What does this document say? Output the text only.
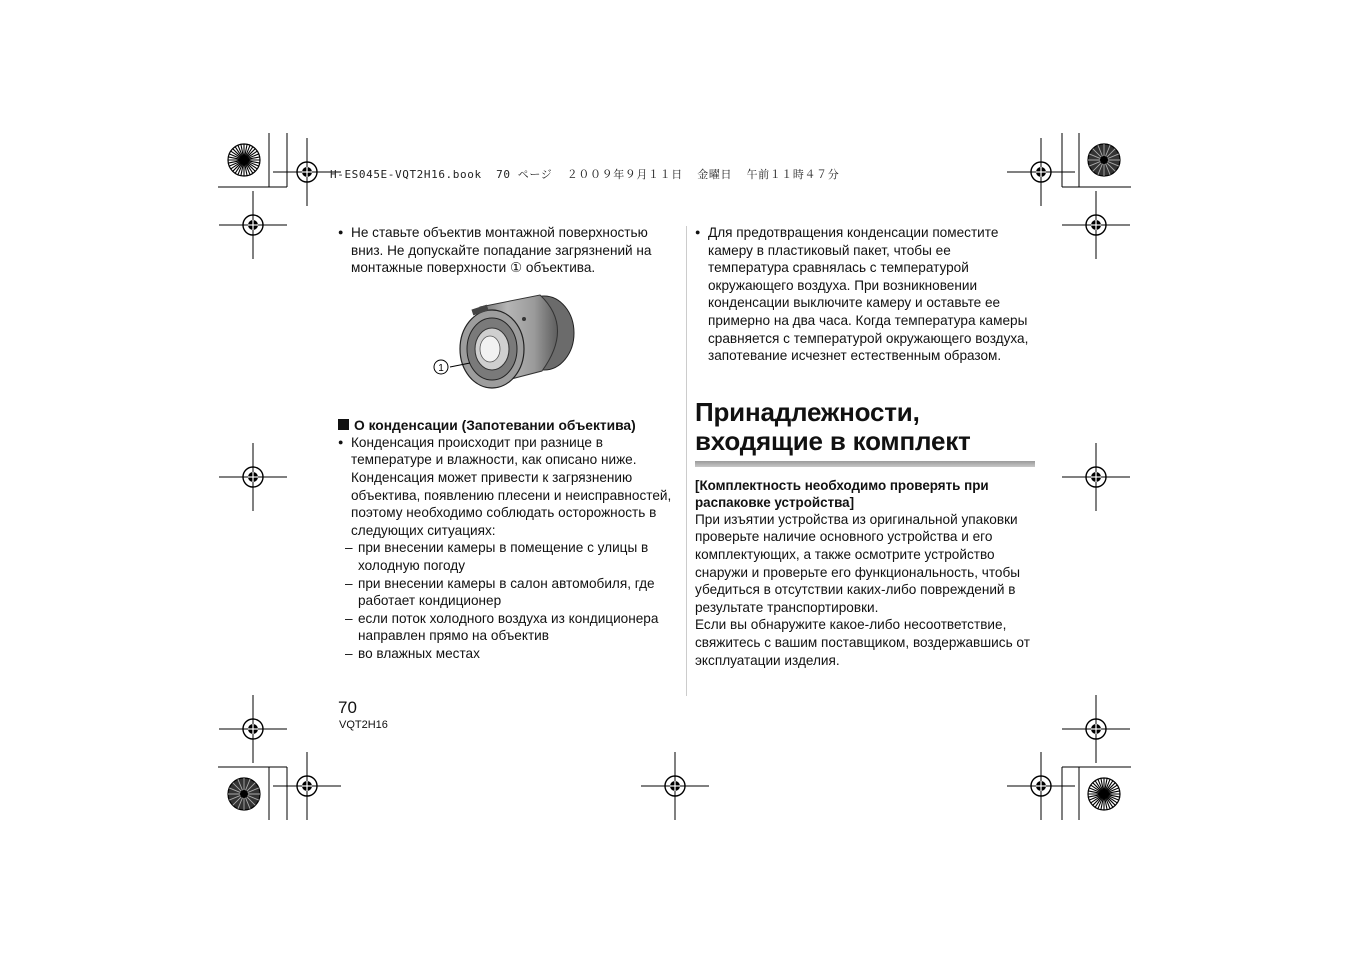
H-ES045E-VQT2H16.book  70 ページ  ２００９年９月１１日  金曜日  午前１１時４７分
● Не ставьте объектив монтажной поверхностью вниз. Не допускайте попадание загрязнений на монтажные поверхности ① объектива.
1
О конденсации (Запотевании объектива)
● Конденсация происходит при разнице в температуре и влажности, как описано ниже. Конденсация может привести к загрязнению объектива, появлению плесени и неисправностей, поэтому необходимо соблюдать осторожность в следующих ситуациях:
– при внесении камеры в помещение с улицы в холодную погоду
– при внесении камеры в салон автомобиля, где работает кондиционер
– если поток холодного воздуха из кондиционера направлен прямо на объектив
– во влажных местах
● Для предотвращения конденсации поместите камеру в пластиковый пакет, чтобы ее температура сравнялась с температурой окружающего воздуха. При возникновении конденсации выключите камеру и оставьте ее примерно на два часа. Когда температура камеры сравняется с температурой окружающего воздуха, запотевание исчезнет естественным образом.
Принадлежности, входящие в комплект
[Комплектность необходимо проверять при распаковке устройства]
При изъятии устройства из оригинальной упаковки проверьте наличие основного устройства и его комплектующих, а также осмотрите устройство снаружи и проверьте его функциональность, чтобы убедиться в отсутствии каких-либо повреждений в результате транспортировки.
Если вы обнаружите какое-либо несоответствие, свяжитесь с вашим поставщиком, воздержавшись от эксплуатации изделия.
70
VQT2H16
